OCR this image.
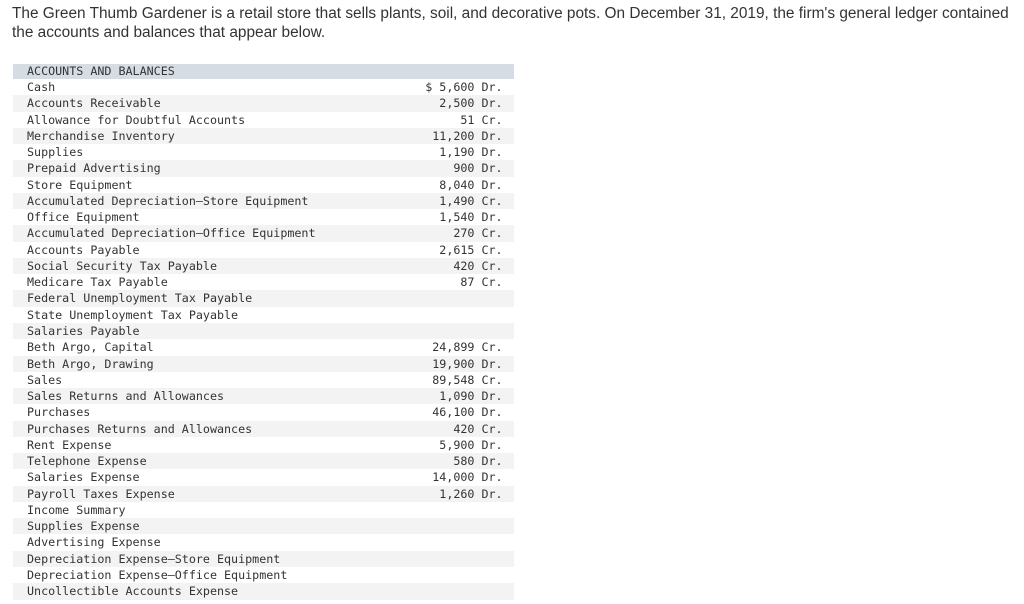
The Green Thumb Gardener is a retail store that sells plants, soil, and decorative pots. On December 31, 2019, the firm's general ledger contained the accounts and balances that appear below.
ACCOUNTS AND BALANCES
Cash	$ 5,600 Dr.
Accounts Receivable	2,500 Dr.
Allowance for Doubtful Accounts	51 Cr.
Merchandise Inventory	11,200 Dr.
Supplies	1,190 Dr.
Prepaid Advertising	900 Dr.
Store Equipment	8,040 Dr.
Accumulated Depreciation–Store Equipment	1,490 Cr.
Office Equipment	1,540 Dr.
Accumulated Depreciation–Office Equipment	270 Cr.
Accounts Payable	2,615 Cr.
Social Security Tax Payable	420 Cr.
Medicare Tax Payable	87 Cr.
Federal Unemployment Tax Payable
State Unemployment Tax Payable
Salaries Payable
Beth Argo, Capital	24,899 Cr.
Beth Argo, Drawing	19,900 Dr.
Sales	89,548 Cr.
Sales Returns and Allowances	1,090 Dr.
Purchases	46,100 Dr.
Purchases Returns and Allowances	420 Cr.
Rent Expense	5,900 Dr.
Telephone Expense	580 Dr.
Salaries Expense	14,000 Dr.
Payroll Taxes Expense	1,260 Dr.
Income Summary
Supplies Expense
Advertising Expense
Depreciation Expense–Store Equipment
Depreciation Expense–Office Equipment
Uncollectible Accounts Expense
